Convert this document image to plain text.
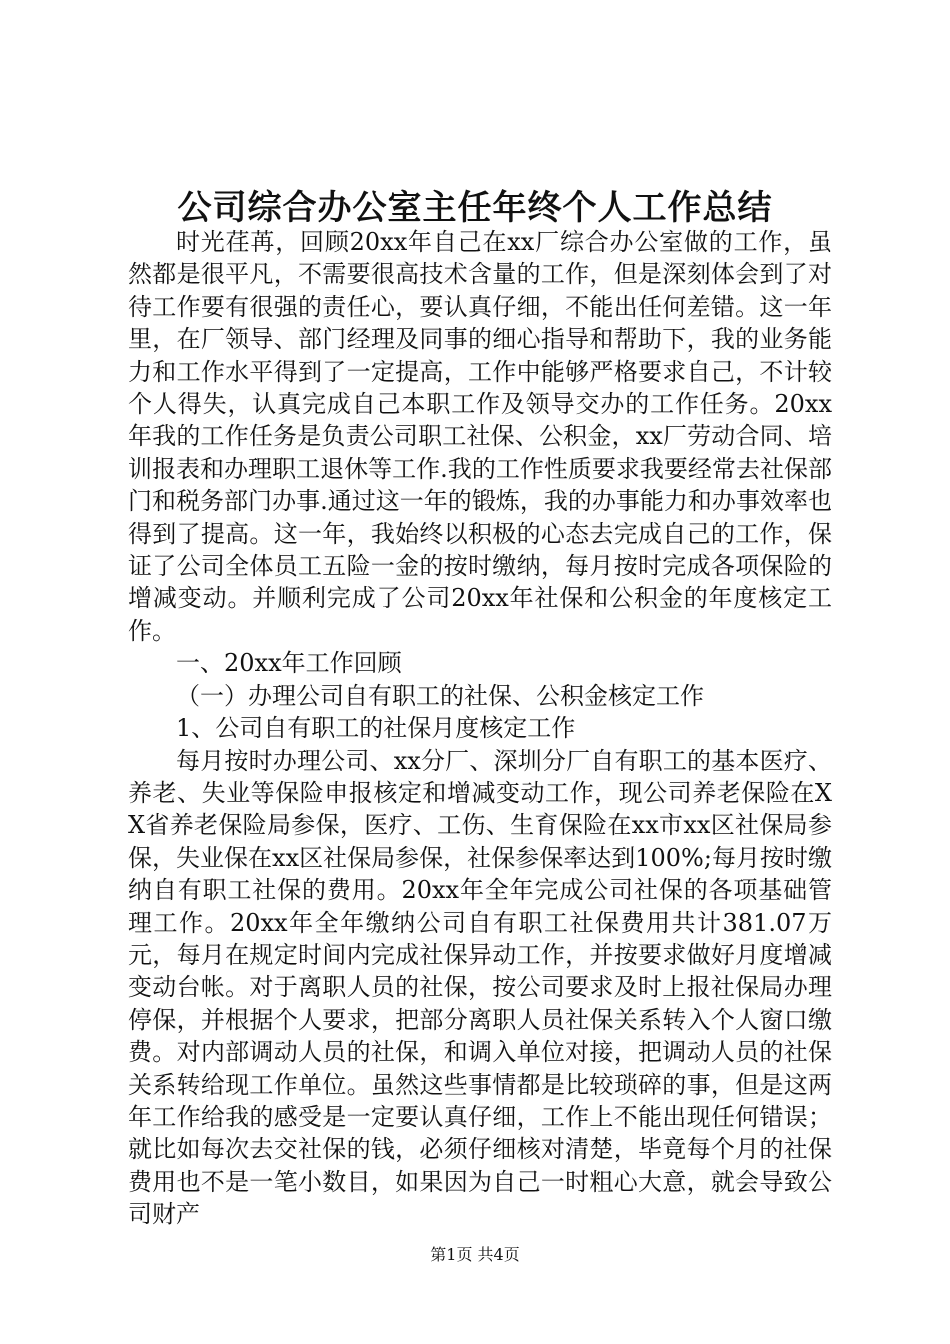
公司综合办公室主任年终个人工作总结

时光荏苒，回顾20xx年自己在xx厂综合办公室做的工作，虽然都是很平凡，不需要很高技术含量的工作，但是深刻体会到了对待工作要有很强的责任心，要认真仔细，不能出任何差错。这一年里，在厂领导、部门经理及同事的细心指导和帮助下，我的业务能力和工作水平得到了一定提高，工作中能够严格要求自己，不计较个人得失，认真完成自己本职工作及领导交办的工作任务。20xx年我的工作任务是负责公司职工社保、公积金，xx厂劳动合同、培训报表和办理职工退休等工作.我的工作性质要求我要经常去社保部门和税务部门办事.通过这一年的锻炼，我的办事能力和办事效率也得到了提高。这一年，我始终以积极的心态去完成自己的工作，保证了公司全体员工五险一金的按时缴纳，每月按时完成各项保险的增减变动。并顺利完成了公司20xx年社保和公积金的年度核定工作。

一、20xx年工作回顾

（一）办理公司自有职工的社保、公积金核定工作

1、公司自有职工的社保月度核定工作

每月按时办理公司、xx分厂、深圳分厂自有职工的基本医疗、养老、失业等保险申报核定和增减变动工作，现公司养老保险在XX省养老保险局参保，医疗、工伤、生育保险在xx市xx区社保局参保，失业保在xx区社保局参保，社保参保率达到100%;每月按时缴纳自有职工社保的费用。20xx年全年完成公司社保的各项基础管理工作。20xx年全年缴纳公司自有职工社保费用共计381.07万元，每月在规定时间内完成社保异动工作，并按要求做好月度增减变动台帐。对于离职人员的社保，按公司要求及时上报社保局办理停保，并根据个人要求，把部分离职人员社保关系转入个人窗口缴费。对内部调动人员的社保，和调入单位对接，把调动人员的社保关系转给现工作单位。虽然这些事情都是比较琐碎的事，但是这两年工作给我的感受是一定要认真仔细，工作上不能出现任何错误；就比如每次去交社保的钱，必须仔细核对清楚，毕竟每个月的社保费用也不是一笔小数目，如果因为自己一时粗心大意，就会导致公司财产

第1页 共4页
